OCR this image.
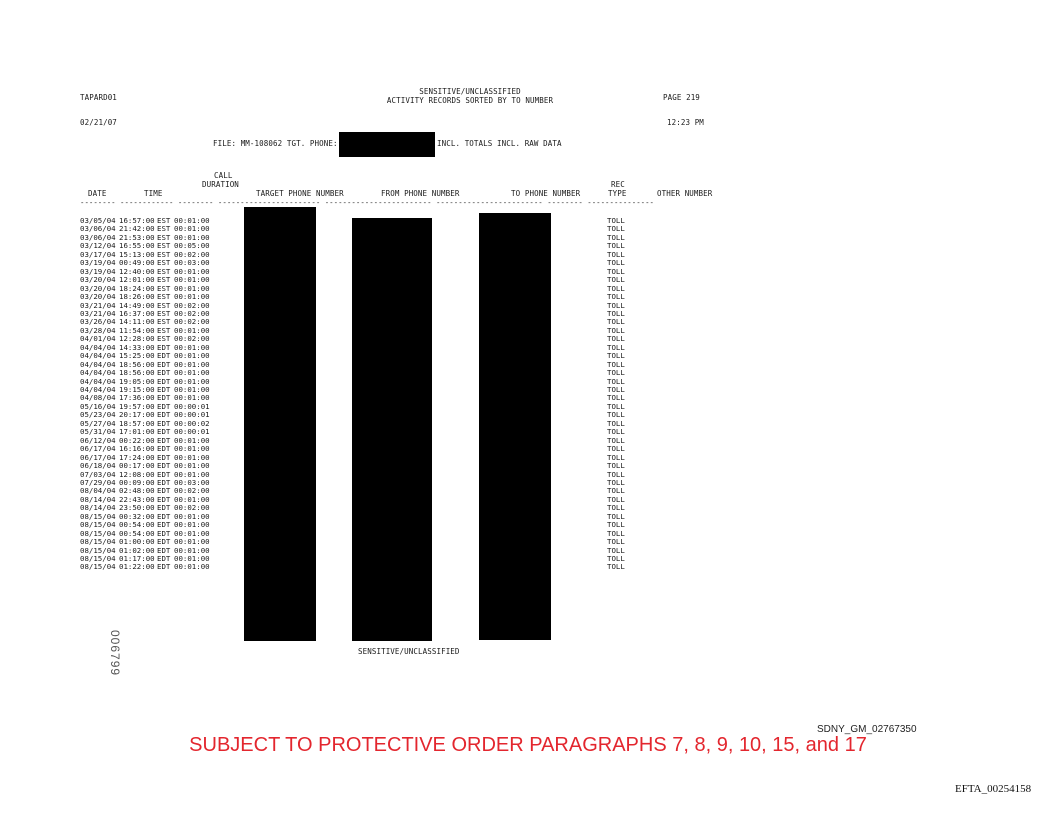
TAPARD01
SENSITIVE/UNCLASSIFIED
ACTIVITY RECORDS SORTED BY TO NUMBER	PAGE 219
02/21/07	12:23 PM
FILE: MM-108062 TGT. PHONE:	INCL. TOTALS INCL. RAW DATA
CALL
DURATION	REC
DATE	TIME	TARGET PHONE NUMBER	FROM PHONE NUMBER	TO PHONE NUMBER	TYPE	OTHER NUMBER
-------- ------------ -------- ----------------------- ------------------------ ------------------------ -------- ---------------
03/05/04 16:57:00 EST 00:01:00	TOLL
03/06/04 21:42:00 EST 00:01:00	TOLL
03/06/04 21:53:00 EST 00:01:00	TOLL
03/12/04 16:55:00 EST 00:05:00	TOLL
03/17/04 15:13:00 EST 00:02:00	TOLL
03/19/04 00:49:00 EST 00:03:00	TOLL
03/19/04 12:40:00 EST 00:01:00	TOLL
03/20/04 12:01:00 EST 00:01:00	TOLL
03/20/04 18:24:00 EST 00:01:00	TOLL
03/20/04 18:26:00 EST 00:01:00	TOLL
03/21/04 14:49:00 EST 00:02:00	TOLL
03/21/04 16:37:00 EST 00:02:00	TOLL
03/26/04 14:11:00 EST 00:02:00	TOLL
03/28/04 11:54:00 EST 00:01:00	TOLL
04/01/04 12:28:00 EST 00:02:00	TOLL
04/04/04 14:33:00 EDT 00:01:00	TOLL
04/04/04 15:25:00 EDT 00:01:00	TOLL
04/04/04 18:56:00 EDT 00:01:00	TOLL
04/04/04 18:56:00 EDT 00:01:00	TOLL
04/04/04 19:05:00 EDT 00:01:00	TOLL
04/04/04 19:15:00 EDT 00:01:00	TOLL
04/08/04 17:36:00 EDT 00:01:00	TOLL
05/16/04 19:57:00 EDT 00:00:01	TOLL
05/23/04 20:17:00 EDT 00:00:01	TOLL
05/27/04 18:57:00 EDT 00:00:02	TOLL
05/31/04 17:01:00 EDT 00:00:01	TOLL
06/12/04 00:22:00 EDT 00:01:00	TOLL
06/17/04 16:16:00 EDT 00:01:00	TOLL
06/17/04 17:24:00 EDT 00:01:00	TOLL
06/18/04 00:17:00 EDT 00:01:00	TOLL
07/03/04 12:08:00 EDT 00:01:00	TOLL
07/29/04 00:09:00 EDT 00:03:00	TOLL
08/04/04 02:48:00 EDT 00:02:00	TOLL
08/14/04 22:43:00 EDT 00:01:00	TOLL
08/14/04 23:50:00 EDT 00:02:00	TOLL
08/15/04 00:32:00 EDT 00:01:00	TOLL
08/15/04 00:54:00 EDT 00:01:00	TOLL
08/15/04 00:54:00 EDT 00:01:00	TOLL
08/15/04 01:00:00 EDT 00:01:00	TOLL
08/15/04 01:02:00 EDT 00:01:00	TOLL
08/15/04 01:17:00 EDT 00:01:00	TOLL
08/15/04 01:22:00 EDT 00:01:00	TOLL
SENSITIVE/UNCLASSIFIED
006799
SDNY_GM_02767350
SUBJECT TO PROTECTIVE ORDER PARAGRAPHS 7, 8, 9, 10, 15, and 17
EFTA_00254158
